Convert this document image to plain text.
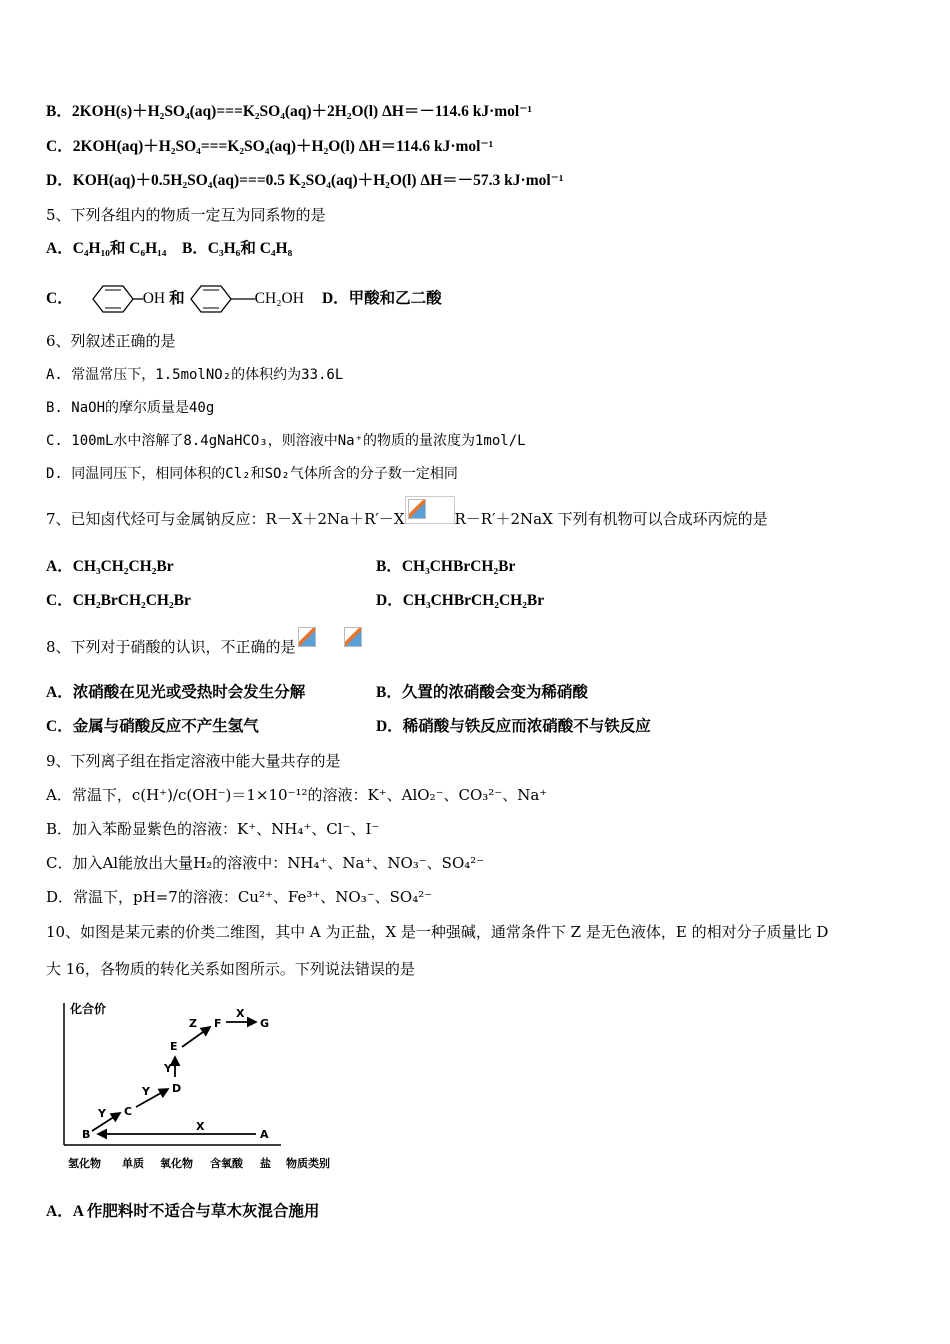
B．2KOH(s)＋H₂SO₄(aq)===K₂SO₄(aq)＋2H₂O(l) ΔH＝－114.6 kJ·mol⁻¹
C．2KOH(aq)＋H₂SO₄===K₂SO₄(aq)＋H₂O(l) ΔH＝114.6 kJ·mol⁻¹
D．KOH(aq)＋0.5H₂SO₄(aq)===0.5 K₂SO₄(aq)＋H₂O(l) ΔH＝－57.3 kJ·mol⁻¹
5、下列各组内的物质一定互为同系物的是
A．C₄H₁₀和 C₆H₁₄　B．C₃H₆和 C₄H₈
C．	OH 和	CH₂OH D．甲酸和乙二酸
6、列叙述正确的是
A. 常温常压下，1.5molNO₂的体积约为33.6L
B. NaOH的摩尔质量是40g
C. 100mL水中溶解了8.4gNaHCO₃，则溶液中Na⁺的物质的量浓度为1mol/L
D. 同温同压下，相同体积的Cl₂和SO₂气体所含的分子数一定相同
7、已知卤代烃可与金属钠反应：R－X＋2Na＋R′－X	R－R′＋2NaX 下列有机物可以合成环丙烷的是
A．CH₃CH₂CH₂Br	B．CH₃CHBrCH₂Br
C．CH₂BrCH₂CH₂Br	D．CH₃CHBrCH₂CH₂Br
8、下列对于硝酸的认识，不正确的是
A．浓硝酸在见光或受热时会发生分解	B．久置的浓硝酸会变为稀硝酸
C．金属与硝酸反应不产生氢气	D．稀硝酸与铁反应而浓硝酸不与铁反应
9、下列离子组在指定溶液中能大量共存的是
A．常温下，c(H⁺)/c(OH⁻)＝1×10⁻¹²的溶液：K⁺、AlO₂⁻、CO₃²⁻、Na⁺
B．加入苯酚显紫色的溶液：K⁺、NH₄⁺、Cl⁻、I⁻
C．加入Al能放出大量H₂的溶液中：NH₄⁺、Na⁺、NO₃⁻、SO₄²⁻
D．常温下，pH=7的溶液：Cu²⁺、Fe³⁺、NO₃⁻、SO₄²⁻
10、如图是某元素的价类二维图，其中 A 为正盐，X 是一种强碱，通常条件下 Z 是无色液体，E 的相对分子质量比 D
大 16，各物质的转化关系如图所示。下列说法错误的是
化合价
氢化物 单质 氧化物 含氧酸 盐 物质类别
B
C
D
E
F	G
A
Y
Y
Y
Z
X
X
A．A 作肥料时不适合与草木灰混合施用
